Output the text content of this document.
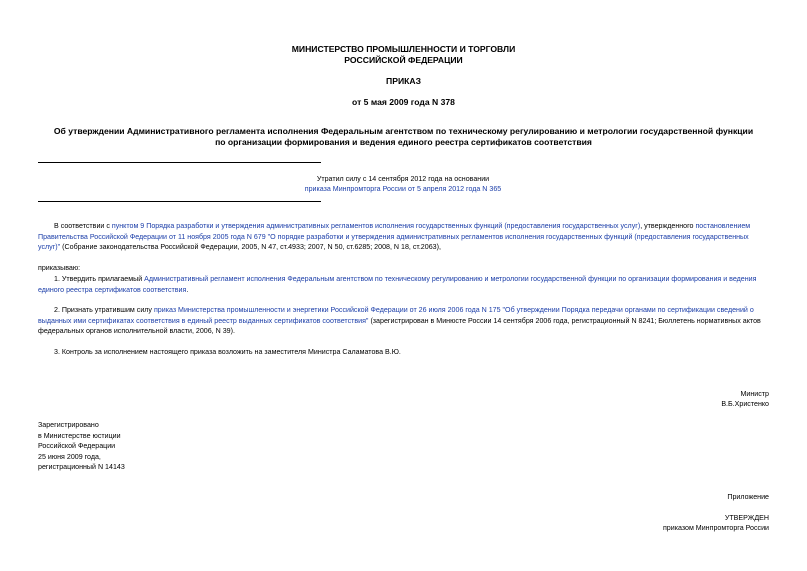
МИНИСТЕРСТВО ПРОМЫШЛЕННОСТИ И ТОРГОВЛИ
РОССИЙСКОЙ ФЕДЕРАЦИИ
ПРИКАЗ
от 5 мая 2009 года N 378
Об утверждении Административного регламента исполнения Федеральным агентством по техническому регулированию и метрологии государственной функции
по организации формирования и ведения единого реестра сертификатов соответствия
Утратил силу с 14 сентября 2012 года на основании
приказа Минпромторга России от 5 апреля 2012 года N 365

В соответствии с пунктом 9 Порядка разработки и утверждения административных регламентов исполнения государственных функций (предоставления государственных услуг), утвержденного постановлением Правительства Российской Федерации от 11 ноября 2005 года N 679 "О порядке разработки и утверждения административных регламентов исполнения государственных функций (предоставления государственных услуг)" (Собрание законодательства Российской Федерации, 2005, N 47, ст.4933; 2007, N 50, ст.6285; 2008, N 18, ст.2063),

приказываю:

1. Утвердить прилагаемый Административный регламент исполнения Федеральным агентством по техническому регулированию и метрологии государственной функции по организации формирования и ведения единого реестра сертификатов соответствия.

2. Признать утратившим силу приказ Министерства промышленности и энергетики Российской Федерации от 26 июля 2006 года N 175 "Об утверждении Порядка передачи органами по сертификации сведений о выданных ими сертификатах соответствия в единый реестр выданных сертификатов соответствия" (зарегистрирован в Минюсте России 14 сентября 2006 года, регистрационный N 8241; Бюллетень нормативных актов федеральных органов исполнительной власти, 2006, N 39).

3. Контроль за исполнением настоящего приказа возложить на заместителя Министра Саламатова В.Ю.

Министр
В.Б.Христенко
Зарегистрировано
в Министерстве юстиции
Российской Федерации
25 июня 2009 года,
регистрационный N 14143
Приложение
УТВЕРЖДЕН
приказом Минпромторга России
